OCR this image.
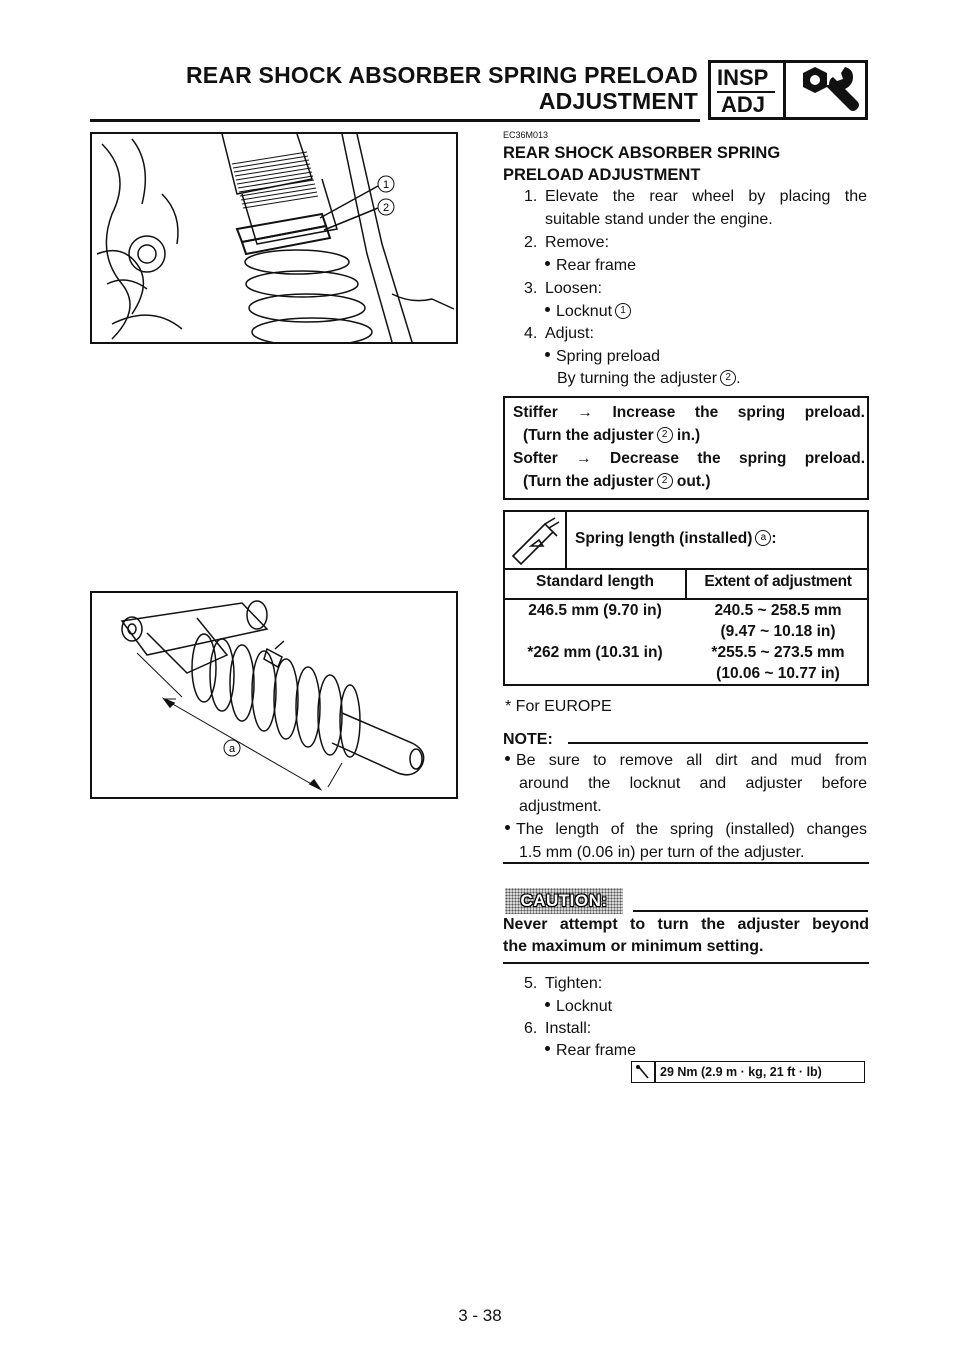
REAR SHOCK ABSORBER SPRING PRELOAD
ADJUSTMENT
INSP
ADJ
1
2
a
EC36M013
REAR SHOCK ABSORBER SPRING
PRELOAD ADJUSTMENT
1. Elevate the rear wheel by placing the
suitable stand under the engine.
2. Remove:
Rear frame
3. Loosen:
Locknut 1
4. Adjust:
Spring preload
By turning the adjuster 2 .
Stiffer → Increase the spring preload.
(Turn the adjuster 2 in.)
Softer → Decrease the spring preload.
(Turn the adjuster 2 out.)
Spring length (installed) a :
Standard length	Extent of adjustment
246.5 mm (9.70 in)	240.5 ~ 258.5 mm
(9.47 ~ 10.18 in)
*262 mm (10.31 in)	*255.5 ~ 273.5 mm
(10.06 ~ 10.77 in)
* For EUROPE
NOTE:
Be sure to remove all dirt and mud from
around the locknut and adjuster before
adjustment.
The length of the spring (installed) changes
1.5 mm (0.06 in) per turn of the adjuster.
CAUTION:
Never attempt to turn the adjuster beyond
the maximum or minimum setting.
5. Tighten:
Locknut
6. Install:
Rear frame
29 Nm (2.9 m · kg, 21 ft · lb)
3 - 38
